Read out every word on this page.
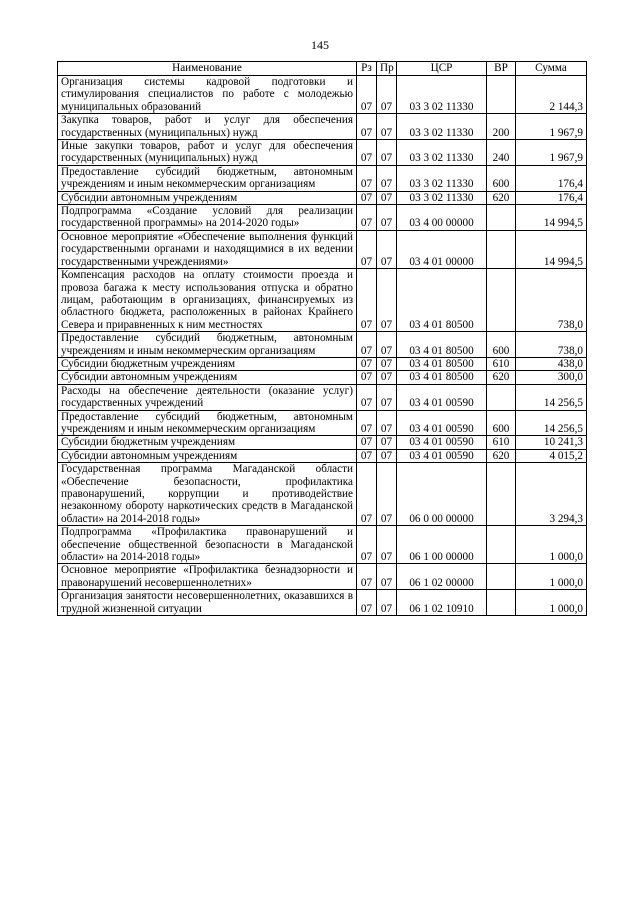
145
Наименование	Рз	Пр	ЦСР	ВР	Сумма
Организация системы кадровой подготовки и стимулирования специалистов по работе с молодежью муниципальных образований	07	07	03 3 02 11330		2 144,3
Закупка товаров, работ и услуг для обеспечения государственных (муниципальных) нужд	07	07	03 3 02 11330	200	1 967,9
Иные закупки товаров, работ и услуг для обеспечения государственных (муниципальных) нужд	07	07	03 3 02 11330	240	1 967,9
Предоставление субсидий бюджетным, автономным учреждениям и иным некоммерческим организациям	07	07	03 3 02 11330	600	176,4
Субсидии автономным учреждениям	07	07	03 3 02 11330	620	176,4
Подпрограмма «Создание условий для реализации государственной программы» на 2014-2020 годы»	07	07	03 4 00 00000		14 994,5
Основное мероприятие «Обеспечение выполнения функций государственными органами и находящимися в их ведении государственными учреждениями»	07	07	03 4 01 00000		14 994,5
Компенсация расходов на оплату стоимости проезда и провоза багажа к месту использования отпуска и обратно лицам, работающим в организациях, финансируемых из областного бюджета, расположенных в районах Крайнего Севера и приравненных к ним местностях	07	07	03 4 01 80500		738,0
Предоставление субсидий бюджетным, автономным учреждениям и иным некоммерческим организациям	07	07	03 4 01 80500	600	738,0
Субсидии бюджетным учреждениям	07	07	03 4 01 80500	610	438,0
Субсидии автономным учреждениям	07	07	03 4 01 80500	620	300,0
Расходы на обеспечение деятельности (оказание услуг) государственных учреждений	07	07	03 4 01 00590		14 256,5
Предоставление субсидий бюджетным, автономным учреждениям и иным некоммерческим организациям	07	07	03 4 01 00590	600	14 256,5
Субсидии бюджетным учреждениям	07	07	03 4 01 00590	610	10 241,3
Субсидии автономным учреждениям	07	07	03 4 01 00590	620	4 015,2
Государственная программа Магаданской области «Обеспечение безопасности, профилактика правонарушений, коррупции и противодействие незаконному обороту наркотических средств в Магаданской области» на 2014-2018 годы»	07	07	06 0 00 00000		3 294,3
Подпрограмма «Профилактика правонарушений и обеспечение общественной безопасности в Магаданской области» на 2014-2018 годы»	07	07	06 1 00 00000		1 000,0
Основное мероприятие «Профилактика безнадзорности и правонарушений несовершеннолетних»	07	07	06 1 02 00000		1 000,0
Организация занятости несовершеннолетних, оказавшихся в трудной жизненной ситуации	07	07	06 1 02 10910		1 000,0
